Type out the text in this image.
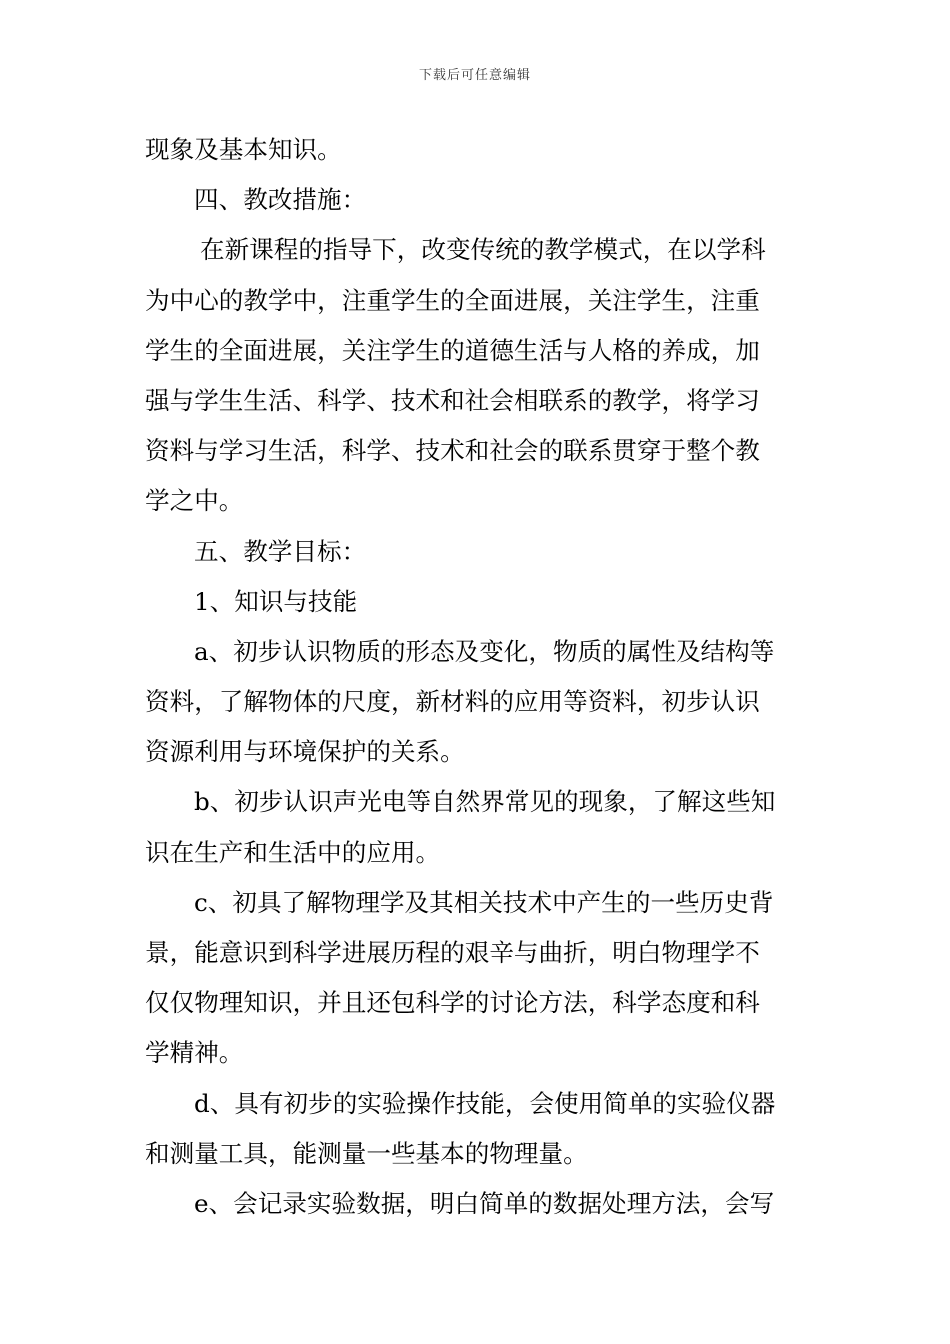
下载后可任意编辑
现象及基本知识。
四、教改措施：
在新课程的指导下，改变传统的教学模式，在以学科
为中心的教学中，注重学生的全面进展，关注学生，注重
学生的全面进展，关注学生的道德生活与人格的养成，加
强与学生生活、科学、技术和社会相联系的教学，将学习
资料与学习生活，科学、技术和社会的联系贯穿于整个教
学之中。
五、教学目标：
1、知识与技能
a、初步认识物质的形态及变化，物质的属性及结构等
资料，了解物体的尺度，新材料的应用等资料，初步认识
资源利用与环境保护的关系。
b、初步认识声光电等自然界常见的现象，了解这些知
识在生产和生活中的应用。
c、初具了解物理学及其相关技术中产生的一些历史背
景，能意识到科学进展历程的艰辛与曲折，明白物理学不
仅仅物理知识，并且还包科学的讨论方法，科学态度和科
学精神。
d、具有初步的实验操作技能，会使用简单的实验仪器
和测量工具，能测量一些基本的物理量。
e、会记录实验数据，明白简单的数据处理方法，会写
